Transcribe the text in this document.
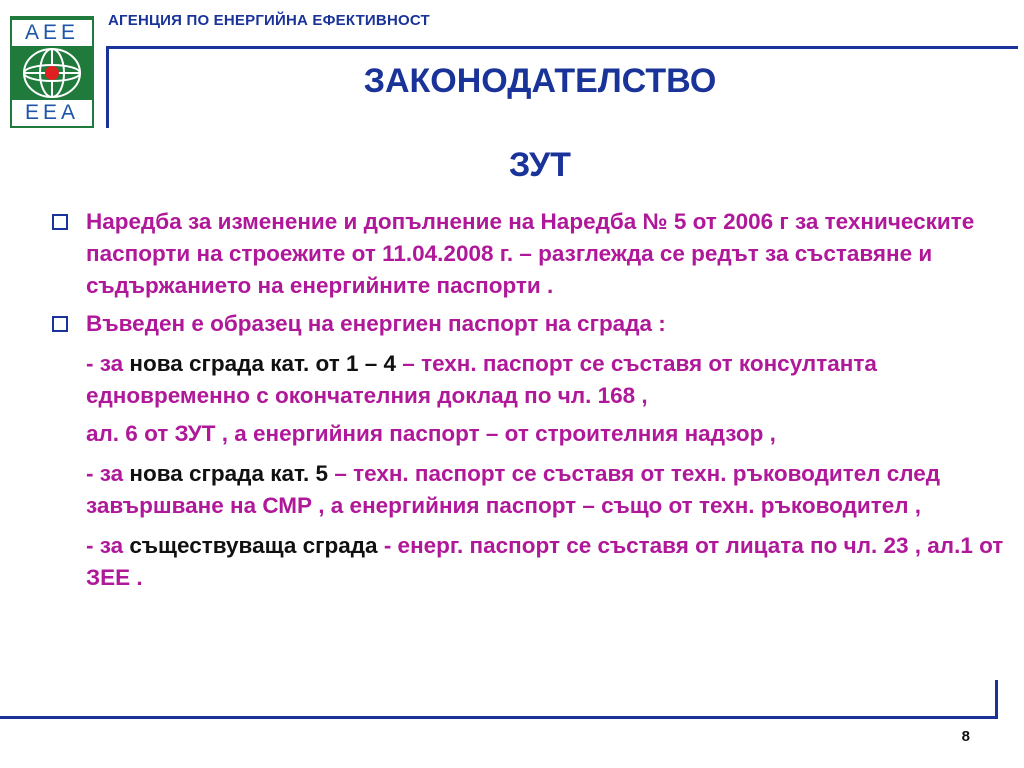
AEE
EEA
АГЕНЦИЯ ПО ЕНЕРГИЙНА ЕФЕКТИВНОСТ
ЗАКОНОДАТЕЛСТВО
ЗУТ
Наредба за изменение и допълнение на Наредба № 5 от 2006 г за техническите паспорти на строежите от 11.04.2008 г. – разглежда се редът за съставяне и съдържанието на енергийните паспорти .
Въведен е образец на енергиен паспорт на сграда :
- за нова сграда кат. от 1 – 4 – техн. паспорт се съставя от консултанта едновременно с окончателния доклад по чл. 168 ,
ал. 6 от ЗУТ , а енергийния паспорт – от строителния надзор ,
- за нова сграда кат. 5 – техн. паспорт се съставя от техн. ръководител след завършване на СМР , а енергийния паспорт – също от техн. ръководител ,
- за съществуваща сграда - енерг. паспорт се съставя от лицата по чл. 23 , ал.1 от ЗЕЕ .
8
